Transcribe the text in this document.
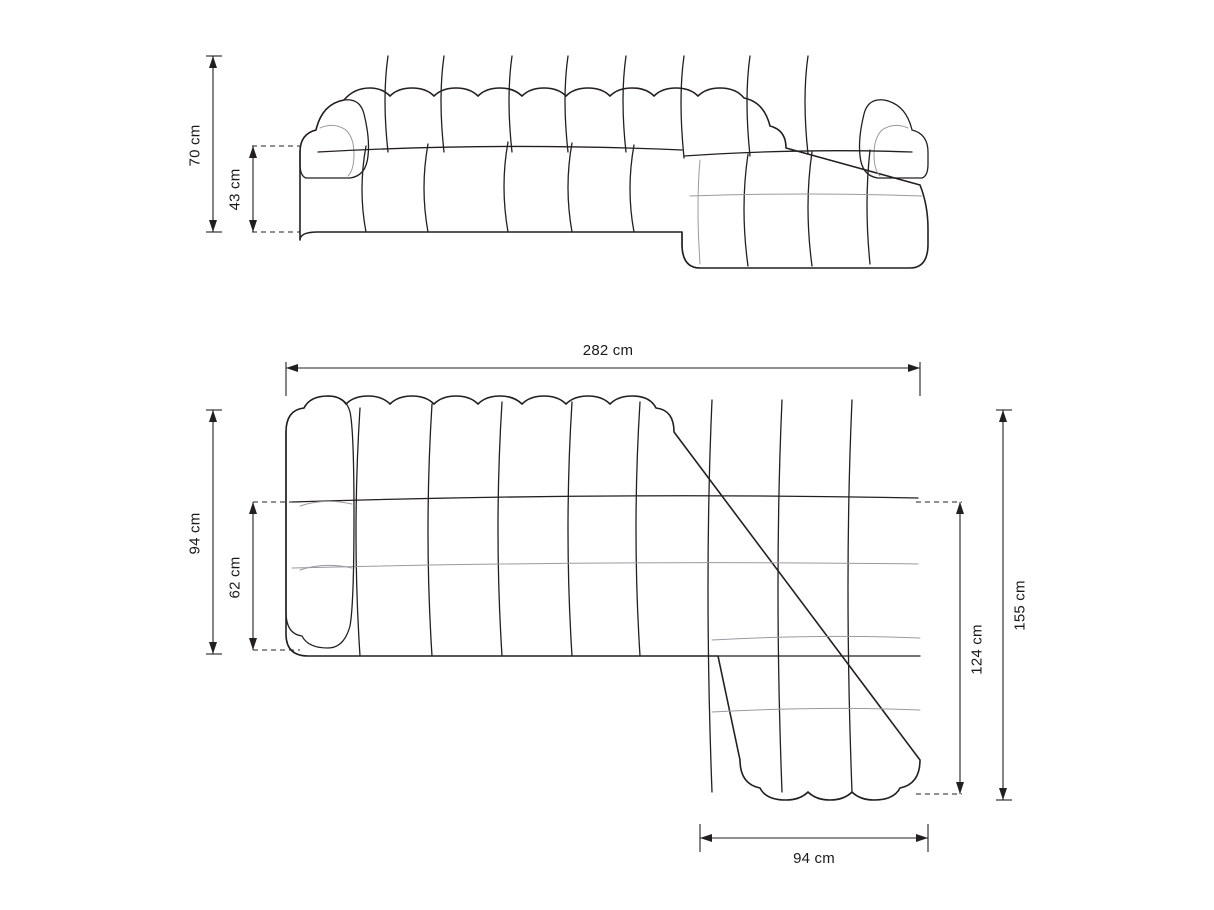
70 cm
43 cm
282 cm
94 cm
62 cm
155 cm
124 cm
94 cm
